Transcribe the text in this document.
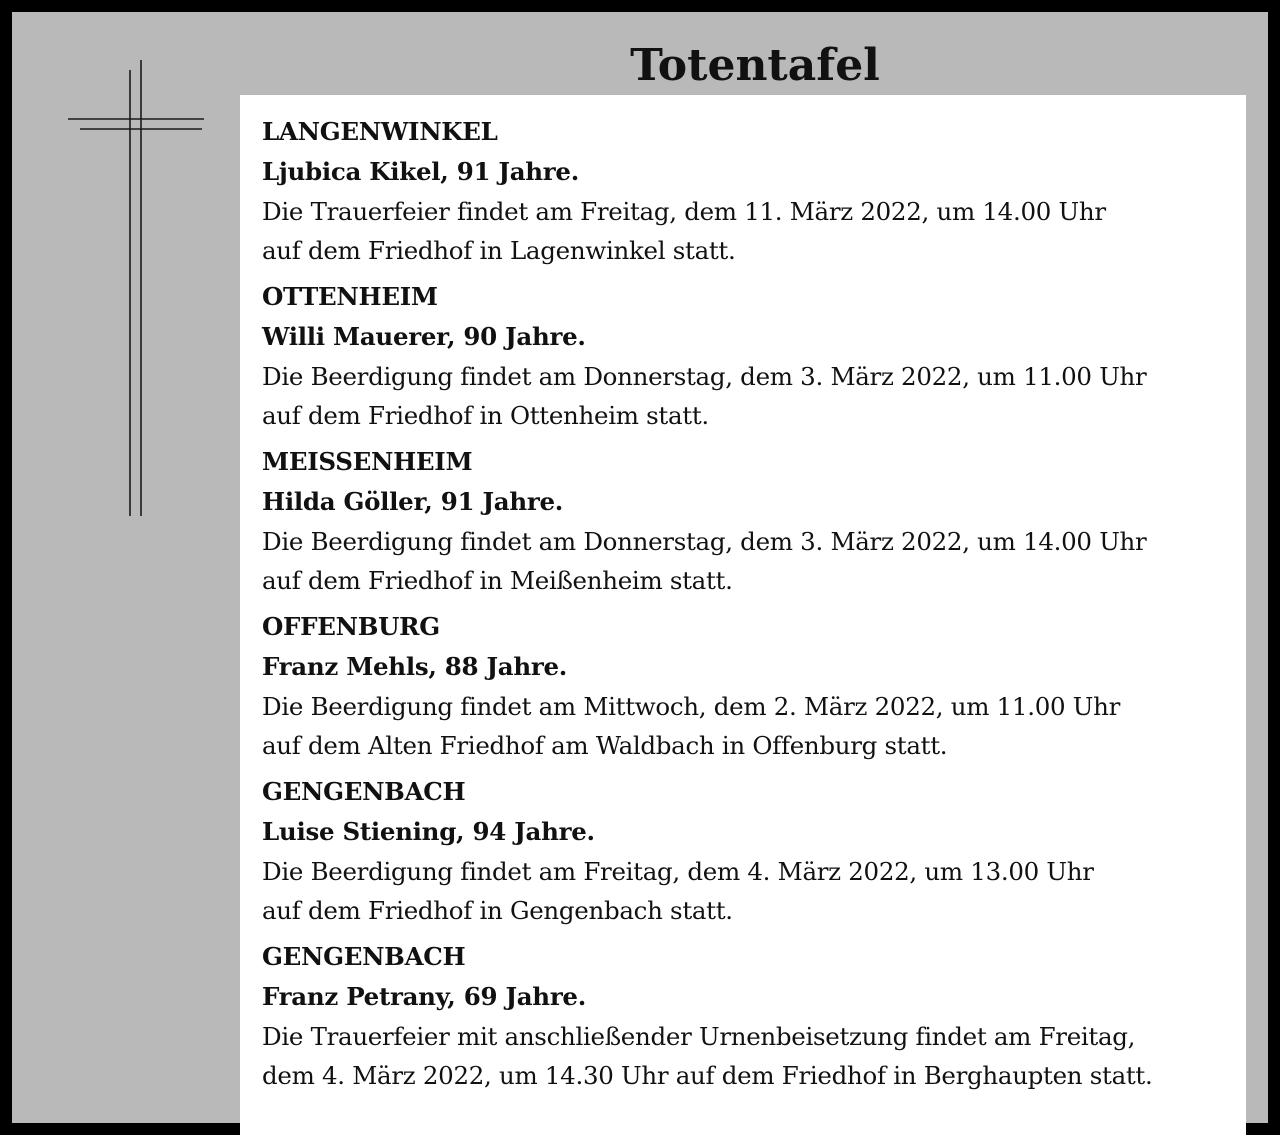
Totentafel

LANGENWINKEL

Ljubica Kikel, 91 Jahre.

Die Trauerfeier findet am Freitag, dem 11. März 2022, um 14.00 Uhr

auf dem Friedhof in Lagenwinkel statt.

OTTENHEIM

Willi Mauerer, 90 Jahre.

Die Beerdigung findet am Donnerstag, dem 3. März 2022, um 11.00 Uhr

auf dem Friedhof in Ottenheim statt.

MEISSENHEIM

Hilda Göller, 91 Jahre.

Die Beerdigung findet am Donnerstag, dem 3. März 2022, um 14.00 Uhr

auf dem Friedhof in Meißenheim statt.

OFFENBURG

Franz Mehls, 88 Jahre.

Die Beerdigung findet am Mittwoch, dem 2. März 2022, um 11.00 Uhr

auf dem Alten Friedhof am Waldbach in Offenburg statt.

GENGENBACH

Luise Stiening, 94 Jahre.

Die Beerdigung findet am Freitag, dem 4. März 2022, um 13.00 Uhr

auf dem Friedhof in Gengenbach statt.

GENGENBACH

Franz Petrany, 69 Jahre.

Die Trauerfeier mit anschließender Urnenbeisetzung findet am Freitag,

dem 4. März 2022, um 14.30 Uhr auf dem Friedhof in Berghaupten statt.
